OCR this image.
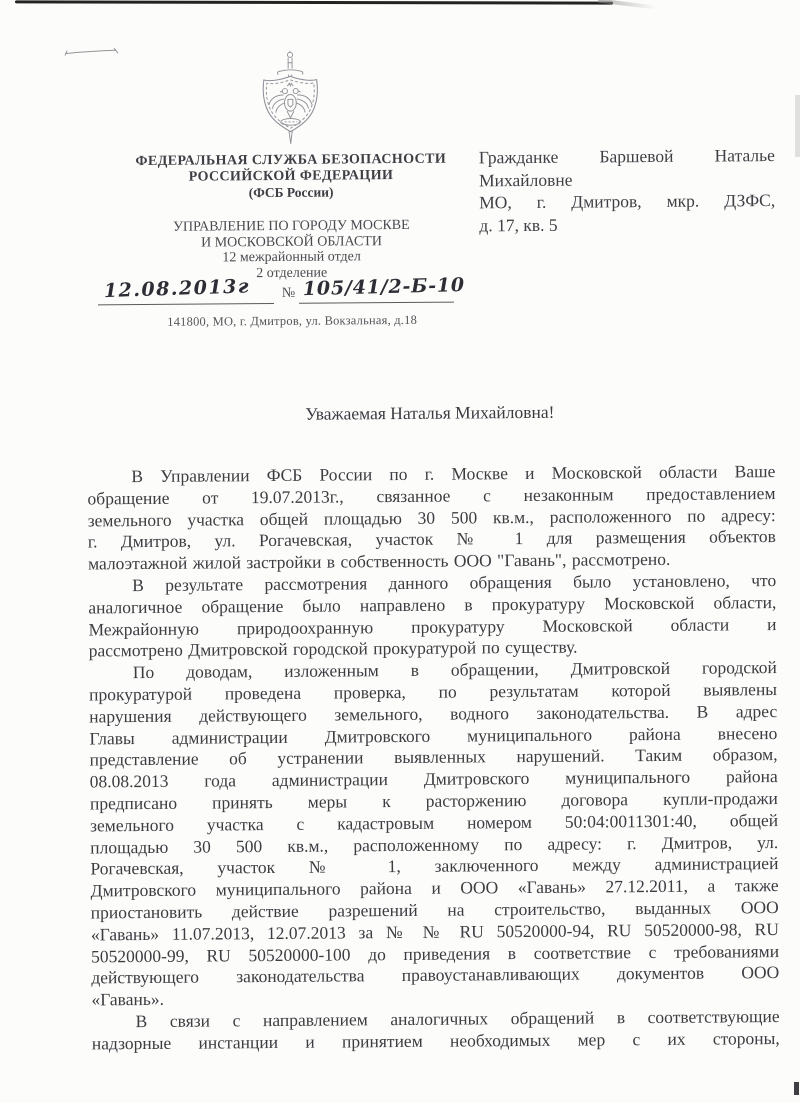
ФЕДЕРАЛЬНАЯ СЛУЖБА БЕЗОПАСНОСТИ
РОССИЙСКОЙ ФЕДЕРАЦИИ
(ФСБ России)
УПРАВЛЕНИЕ ПО ГОРОДУ МОСКВЕ
И МОСКОВСКОЙ ОБЛАСТИ
12 межрайонный отдел
2 отделение
12.08.2013г № 105/41/2-Б-10
141800, МО, г. Дмитров, ул. Вокзальная, д.18
Гражданке Баршевой Наталье
Михайловне
МО, г. Дмитров, мкр. ДЗФС,
д. 17, кв. 5
Уважаемая Наталья Михайловна!
В Управлении ФСБ России по г. Москве и Московской области Ваше
обращение от 19.07.2013г., связанное с незаконным предоставлением
земельного участка общей площадью 30 500 кв.м., расположенного по адресу:
г. Дмитров, ул. Рогачевская, участок № 1 для размещения объектов
малоэтажной жилой застройки в собственность ООО "Гавань", рассмотрено.
В результате рассмотрения данного обращения было установлено, что
аналогичное обращение было направлено в прокуратуру Московской области,
Межрайонную природоохранную прокуратуру Московской области и
рассмотрено Дмитровской городской прокуратурой по существу.
По доводам, изложенным в обращении, Дмитровской городской
прокуратурой проведена проверка, по результатам которой выявлены
нарушения действующего земельного, водного законодательства. В адрес
Главы администрации Дмитровского муниципального района внесено
представление об устранении выявленных нарушений. Таким образом,
08.08.2013 года администрации Дмитровского муниципального района
предписано принять меры к расторжению договора купли-продажи
земельного участка с кадастровым номером 50:04:0011301:40, общей
площадью 30 500 кв.м., расположенному по адресу: г. Дмитров, ул.
Рогачевская, участок № 1, заключенного между администрацией
Дмитровского муниципального района и ООО «Гавань» 27.12.2011, а также
приостановить действие разрешений на строительство, выданных ООО
«Гавань» 11.07.2013, 12.07.2013 за № № RU 50520000-94, RU 50520000-98, RU
50520000-99, RU 50520000-100 до приведения в соответствие с требованиями
действующего законодательства правоустанавливающих документов ООО
«Гавань».
В связи с направлением аналогичных обращений в соответствующие
надзорные инстанции и принятием необходимых мер с их стороны,
